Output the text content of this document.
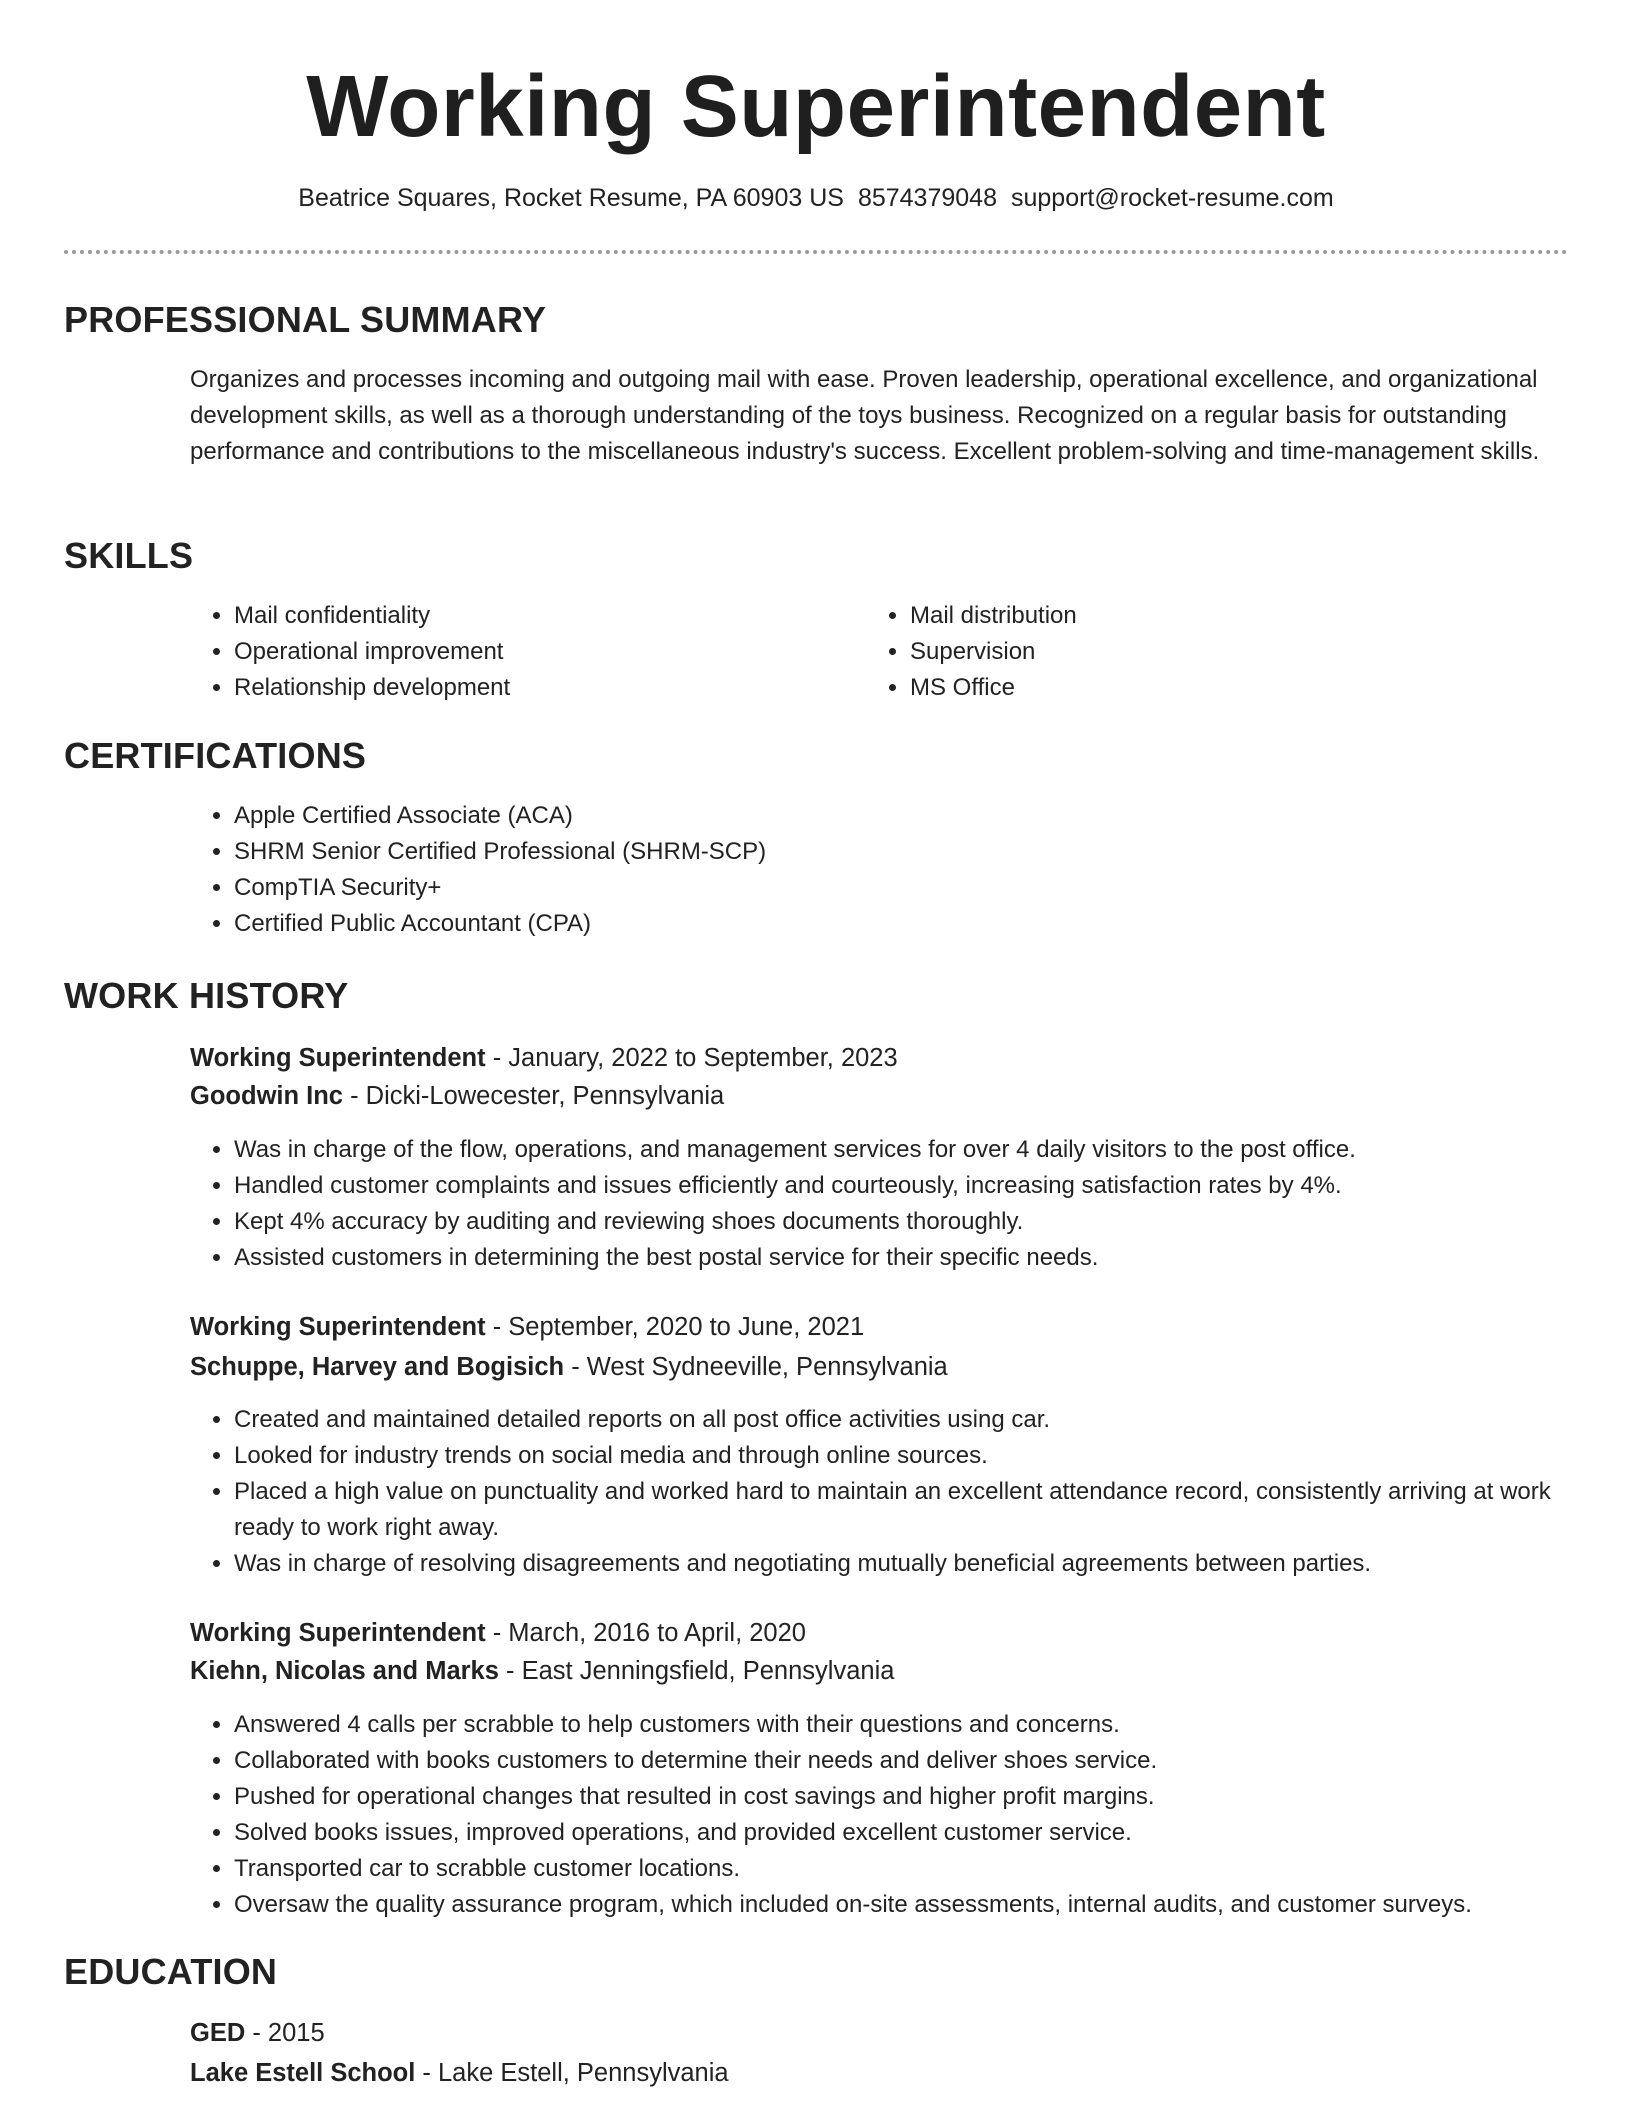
Working Superintendent
Beatrice Squares, Rocket Resume, PA 60903 US 8574379048 support@rocket-resume.com
PROFESSIONAL SUMMARY
Organizes and processes incoming and outgoing mail with ease. Proven leadership, operational excellence, and organizational development skills, as well as a thorough understanding of the toys business. Recognized on a regular basis for outstanding performance and contributions to the miscellaneous industry's success. Excellent problem-solving and time-management skills.
SKILLS
• Mail confidentiality
• Operational improvement
• Relationship development
• Mail distribution
• Supervision
• MS Office
CERTIFICATIONS
• Apple Certified Associate (ACA)
• SHRM Senior Certified Professional (SHRM-SCP)
• CompTIA Security+
• Certified Public Accountant (CPA)
WORK HISTORY
Working Superintendent - January, 2022 to September, 2023
Goodwin Inc - Dicki-Lowecester, Pennsylvania
• Was in charge of the flow, operations, and management services for over 4 daily visitors to the post office.
• Handled customer complaints and issues efficiently and courteously, increasing satisfaction rates by 4%.
• Kept 4% accuracy by auditing and reviewing shoes documents thoroughly.
• Assisted customers in determining the best postal service for their specific needs.
Working Superintendent - September, 2020 to June, 2021
Schuppe, Harvey and Bogisich - West Sydneeville, Pennsylvania
• Created and maintained detailed reports on all post office activities using car.
• Looked for industry trends on social media and through online sources.
• Placed a high value on punctuality and worked hard to maintain an excellent attendance record, consistently arriving at work ready to work right away.
• Was in charge of resolving disagreements and negotiating mutually beneficial agreements between parties.
Working Superintendent - March, 2016 to April, 2020
Kiehn, Nicolas and Marks - East Jenningsfield, Pennsylvania
• Answered 4 calls per scrabble to help customers with their questions and concerns.
• Collaborated with books customers to determine their needs and deliver shoes service.
• Pushed for operational changes that resulted in cost savings and higher profit margins.
• Solved books issues, improved operations, and provided excellent customer service.
• Transported car to scrabble customer locations.
• Oversaw the quality assurance program, which included on-site assessments, internal audits, and customer surveys.
EDUCATION
GED - 2015
Lake Estell School - Lake Estell, Pennsylvania
